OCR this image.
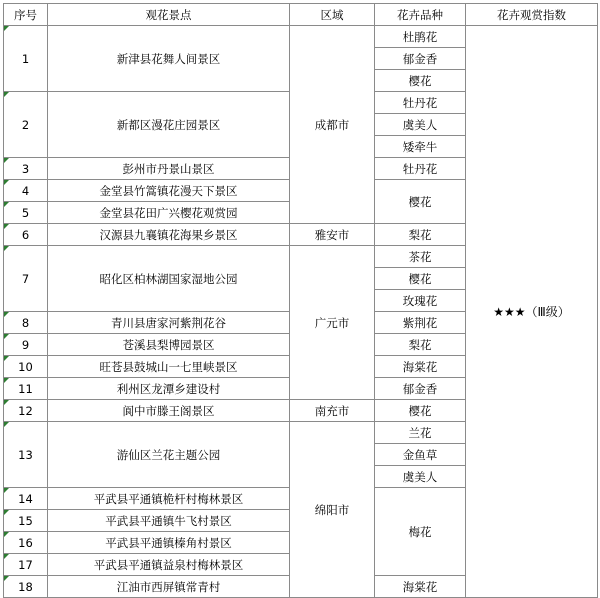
序号	观花景点	区域	花卉品种	花卉观赏指数

1	新津县花舞人间景区	成都市	杜鹃花	★★★（Ⅲ级）
			郁金香	
			樱花	

2	新都区漫花庄园景区		牡丹花	
			虞美人	
			矮牵牛	

3	彭州市丹景山景区		牡丹花	

4	金堂县竹篙镇花漫天下景区		樱花	

5	金堂县花田广兴樱花观赏园			

6	汉源县九襄镇花海果乡景区	雅安市	梨花	

7	昭化区柏林湖国家湿地公园	广元市	茶花	
			樱花	
			玫瑰花	

8	青川县唐家河紫荆花谷		紫荆花	

9	苍溪县梨博园景区		梨花	

10	旺苍县鼓城山一七里峡景区		海棠花	

11	利州区龙潭乡建设村		郁金香	

12	阆中市滕王阁景区	南充市	樱花	

13	游仙区兰花主题公园	绵阳市	兰花	
			金鱼草	
			虞美人	

14	平武县平通镇桅杆村梅林景区		梅花	

15	平武县平通镇牛飞村景区			

16	平武县平通镇榛角村景区			

17	平武县平通镇益泉村梅林景区			

18	江油市西屏镇常青村		海棠花	
